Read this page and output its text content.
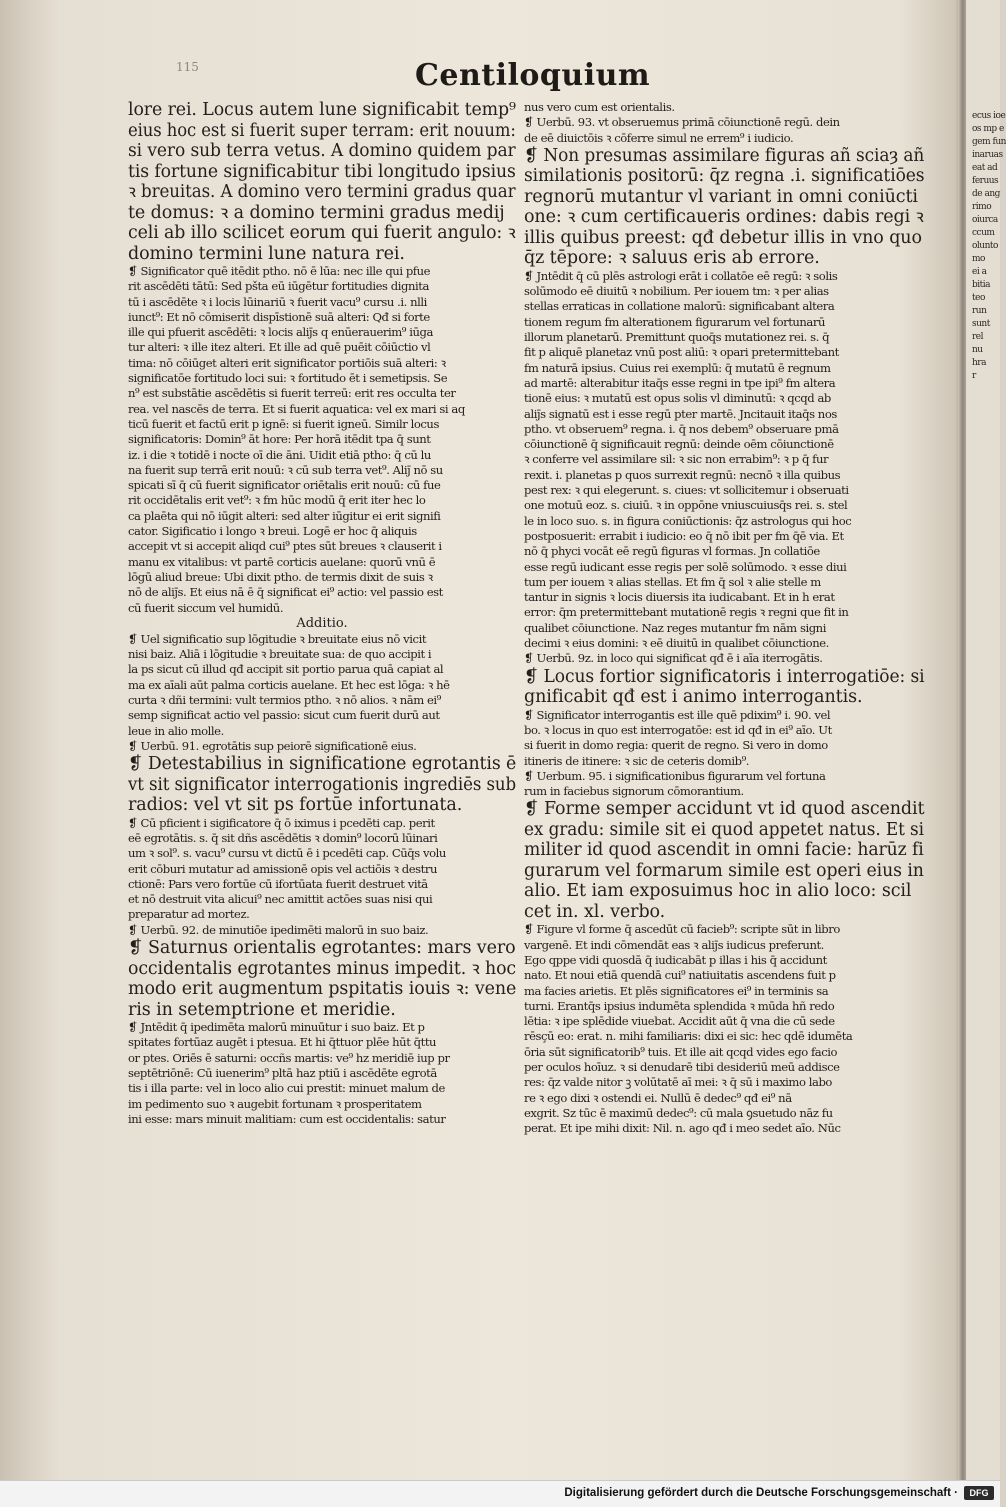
ecus ioe
os mp e
gem fun
inaruas
eat ad
feruus
de ang
rimo
oiurca
ccum
olunto
mo
ei a
bitia
teo
run
sunt
rel
nu
hra
r
115	Centiloquium
lore rei. Locus autem lune significabit temp⁹
eius hoc est si fuerit super terram: erit nouum:
si vero sub terra vetus. A domino quidem par
tis fortune significabitur tibi longitudo ipsius
ꝛ breuitas. A domino vero termini gradus quar
te domus: ꝛ a domino termini gradus medij
celi ab illo scilicet eorum qui fuerit angulo: ꝛ
domino termini lune natura rei.
❡ Significator quē itēdit ptho. nō ē lūa: nec ille qui pfue
rit ascēdēti tātū: Sed pšta eū iūgētur fortitudies dignita
tū i ascēdēte ꝛ i locis lūinariū ꝛ fuerit vacu⁹ cursu .i. nlli
iunct⁹: Et nō cōmiserit dispīstionē suā alteri: Qđ si forte
ille qui pfuerit ascēdēti: ꝛ locis aliȷ̄s q enūerauerim⁹ iūga
tur alteri: ꝛ ille itez alteri. Et ille ad quē puēit cōiūctio vl
tima: nō cōiūget alteri erit significator portiōis suā alteri: ꝛ
significatōe fortitudo loci sui: ꝛ fortitudo ēt i semetipsis. Se
n⁹ est substātie ascēdētis si fuerit terreū: erit res occulta ter
rea. vel nascēs de terra. Et si fuerit aquatica: vel ex mari si aq
ticū fuerit et factū erit p ignē: si fuerit igneū. Similr locus
significatoris: Domin⁹ āt hore: Per horā itēdit tpa q̄ sunt
iz. i die ꝛ totidē i nocte oī die āni. Uidit etiā ptho: q̄ cū lu
na fuerit sup terrā erit nouū: ꝛ cū sub terra vet⁹. Aliȷ̄ nō su
spicati sī q̄ cū fuerit significator oriētalis erit nouū: cū fue
rit occidētalis erit vet⁹: ꝛ fm hūc modū q̄ erit iter hec lo
ca plaēta qui nō iūgit alteri: sed alter iūgitur ei erit signifi
cator. Sigificatio i longo ꝛ breui. Logē er hoc q̄ aliquis
accepit vt si accepit aliqd cui⁹ ptes sūt breues ꝛ clauserit i
manu ex vitalibus: vt partē corticis auelane: quorū vnū ē
lōgū aliud breue: Ubi dixit ptho. de termis dixit de suis ꝛ
nō de aliȷ̄s. Et eius nā ē q̄ significat ei⁹ actio: vel passio est
cū fuerit siccum vel humidū.
Additio.
❡ Uel significatio sup lōgitudie ꝛ breuitate eius nō vicit
nisi baiz. Aliā i lōgitudie ꝛ breuitate sua: de quo accipit i
la ps sicut cū illud qđ accipit sit portio parua quā capiat al
ma ex aīali aūt palma corticis auelane. Et hec est lōga: ꝛ hē
curta ꝛ dñi termini: vult termios ptho. ꝛ nō alios. ꝛ nām ei⁹
semp significat actio vel passio: sicut cum fuerit durū aut
leue in alio molle.
❡ Uerbū. 91. egrotātis sup peiorē significationē eius.
❡ Detestabilius in significatione egrotantis ē
vt sit significator interrogationis ingrediēs sub
radios: vel vt sit ps fortūe infortunata.
❡ Cū pficient i sigificatore q̄ ō iximus i pcedēti cap. perit
eē egrotātis. s. q̄ sit dñs ascēdētis ꝛ domin⁹ locorū lūinari
um ꝛ sol⁹. s. vacu⁹ cursu vt dictū ē i pcedēti cap. Cūq̄s volu
erit cōburi mutatur ad amissionē opis vel actiōis ꝛ destru
ctionē: Pars vero fortūe cū ifortūata fuerit destruet vitā
et nō destruit vita alicui⁹ nec amittit actōes suas nisi qui
preparatur ad mortez.
❡ Uerbū. 92. de minutiōe ipedimēti malorū in suo baiz.
❡ Saturnus orientalis egrotantes: mars vero
occidentalis egrotantes minus impedit. ꝛ hoc
modo erit augmentum pspitatis iouis ꝛ: vene
ris in setemptrione et meridie.
❡ Jntēdit q̄ ipedimēta malorū minuūtur i suo baiz. Et p
spitates fortūaz augēt i ptesua. Et hi q̄ttuor plēe hūt q̄ttu
or ptes. Oriēs ē saturni: occñs martis: ve⁹ hz meridiē iup pr
septētriōnē: Cū iuenerim⁹ pltā haz ptiū i ascēdēte egrotā
tis i illa parte: vel in loco alio cui prestit: minuet malum de
im pedimento suo ꝛ augebit fortunam ꝛ prosperitatem
ini esse: mars minuit malitiam: cum est occidentalis: satur
nus vero cum est orientalis.
❡ Uerbū. 93. vt obseruemus primā cōiunctionē regū. dein
de eē diuictōis ꝛ cōferre simul ne errem⁹ i iudicio.
❡ Non presumas assimilare figuras añ sciaȝ añ
similationis positorū: q̄z regna .i. significatiōes
regnorū mutantur vl variant in omni coniūcti
one: ꝛ cum certificaueris ordines: dabis regi ꝛ
illis quibus preest: qđ debetur illis in vno quo
q̄z tēpore: ꝛ saluus eris ab errore.
❡ Jntēdit q̄ cū plēs astrologi erāt i collatōe eē regū: ꝛ solis
solūmodo eē diuitū ꝛ nobilium. Per iouem tm: ꝛ per alias
stellas erraticas in collatione malorū: significabant altera
tionem regum fm alterationem figurarum vel fortunarū
illorum planetarū. Premittunt quoq̄s mutationez rei. s. q̄
fit p aliquē planetaz vnū post aliū: ꝛ opari pretermittebant
fm naturā ipsius. Cuius rei exemplū: q̄ mutatū ē regnum
ad martē: alterabitur itaq̄s esse regni in tpe ipi⁹ fm altera
tionē eius: ꝛ mutatū est opus solis vl diminutū: ꝛ qcqd ab
aliȷ̄s signatū est i esse regū pter martē. Jncitauit itaq̄s nos
ptho. vt obseruem⁹ regna. i. q̄ nos debem⁹ obseruare pmā
cōiunctionē q̄ significauit regnū: deinde oēm cōiunctionē
ꝛ conferre vel assimilare sil: ꝛ sic non errabim⁹: ꝛ p q̄ fur
rexit. i. planetas p quos surrexit regnū: necnō ꝛ illa quibus
pest rex: ꝛ qui elegerunt. s. ciues: vt sollicitemur i obseruati
one motuū eoz. s. ciuiū. ꝛ in oppōne vniuscuiusq̄s rei. s. stel
le in loco suo. s. in figura coniūctionis: q̄z astrologus qui hoc
postposuerit: errabit i iudicio: eo q̄ nō ibit per fm q̄ē via. Et
nō q̄ phyci vocāt eē regū figuras vl formas. Jn collatiōe
esse regū iudicant esse regis per solē solūmodo. ꝛ esse diui
tum per iouem ꝛ alias stellas. Et fm q̄ sol ꝛ alie stelle m
tantur in signis ꝛ locis diuersis ita iudicabant. Et in h erat
error: q̄m pretermittebant mutationē regis ꝛ regni que fit in
qualibet cōiunctione. Naz reges mutantur fm nām signi
decimi ꝛ eius domini: ꝛ eē diuitū in qualibet cōiunctione.
❡ Uerbū. 9z. in loco qui significat qđ ē i aīa iterrogātis.
❡ Locus fortior significatoris i interrogatiōe: si
gnificabit qđ est i animo interrogantis.
❡ Significator interrogantis est ille quē pdixim⁹ i. 90. vel
bo. ꝛ locus in quo est interrogatōe: est id qđ in ei⁹ aīo. Ut
si fuerit in domo regia: querit de regno. Si vero in domo
itineris de itinere: ꝛ sic de ceteris domib⁹.
❡ Uerbum. 95. i significationibus figurarum vel fortuna
rum in faciebus signorum cōmorantium.
❡ Forme semper accidunt vt id quod ascendit
ex gradu: simile sit ei quod appetet natus. Et si
militer id quod ascendit in omni facie: harūz fi
gurarum vel formarum simile est operi eius in
alio. Et iam exposuimus hoc in alio loco: scil
cet in. xl. verbo.
❡ Figure vl forme q̄ ascedūt cū facieb⁹: scripte sūt in libro
vargenē. Et indi cōmendāt eas ꝛ aliȷ̄s iudicus preferunt.
Ego qppe vidi quosdā q̄ iudicabāt p illas i his q̄ accidunt
nato. Et noui etiā quendā cui⁹ natiuitatis ascendens fuit p
ma facies arietis. Et plēs significatores ei⁹ in terminis sa
turni. Erantq̄s ipsius indumēta splendida ꝛ mūda hñ redo
lētia: ꝛ ipe splēdide viuebat. Accidit aūt q̄ vna die cū sede
rēsçū eo: erat. n. mihi familiaris: dixi ei sic: hec qdē idumēta
ōria sūt significatorib⁹ tuis. Et ille ait qcqd vides ego facio
per oculos hoīuz. ꝛ si denudarē tibi desideriū meū addisce
res: q̄z valde nitor ꝫ volūtatē aī mei: ꝛ q̄ sū i maximo labo
re ꝛ ego dixi ꝛ ostendi ei. Nullū ē dedec⁹ qđ ei⁹ nā
exgrit. Sz tūc ē maximū dedec⁹: cū mala ꝯsuetudo nāz fu
perat. Et ipe mihi dixit: Nil. n. ago qđ i meo sedet aīo. Nūc
Digitalisierung gefördert durch die Deutsche Forschungsgemeinschaft ·	DFG
